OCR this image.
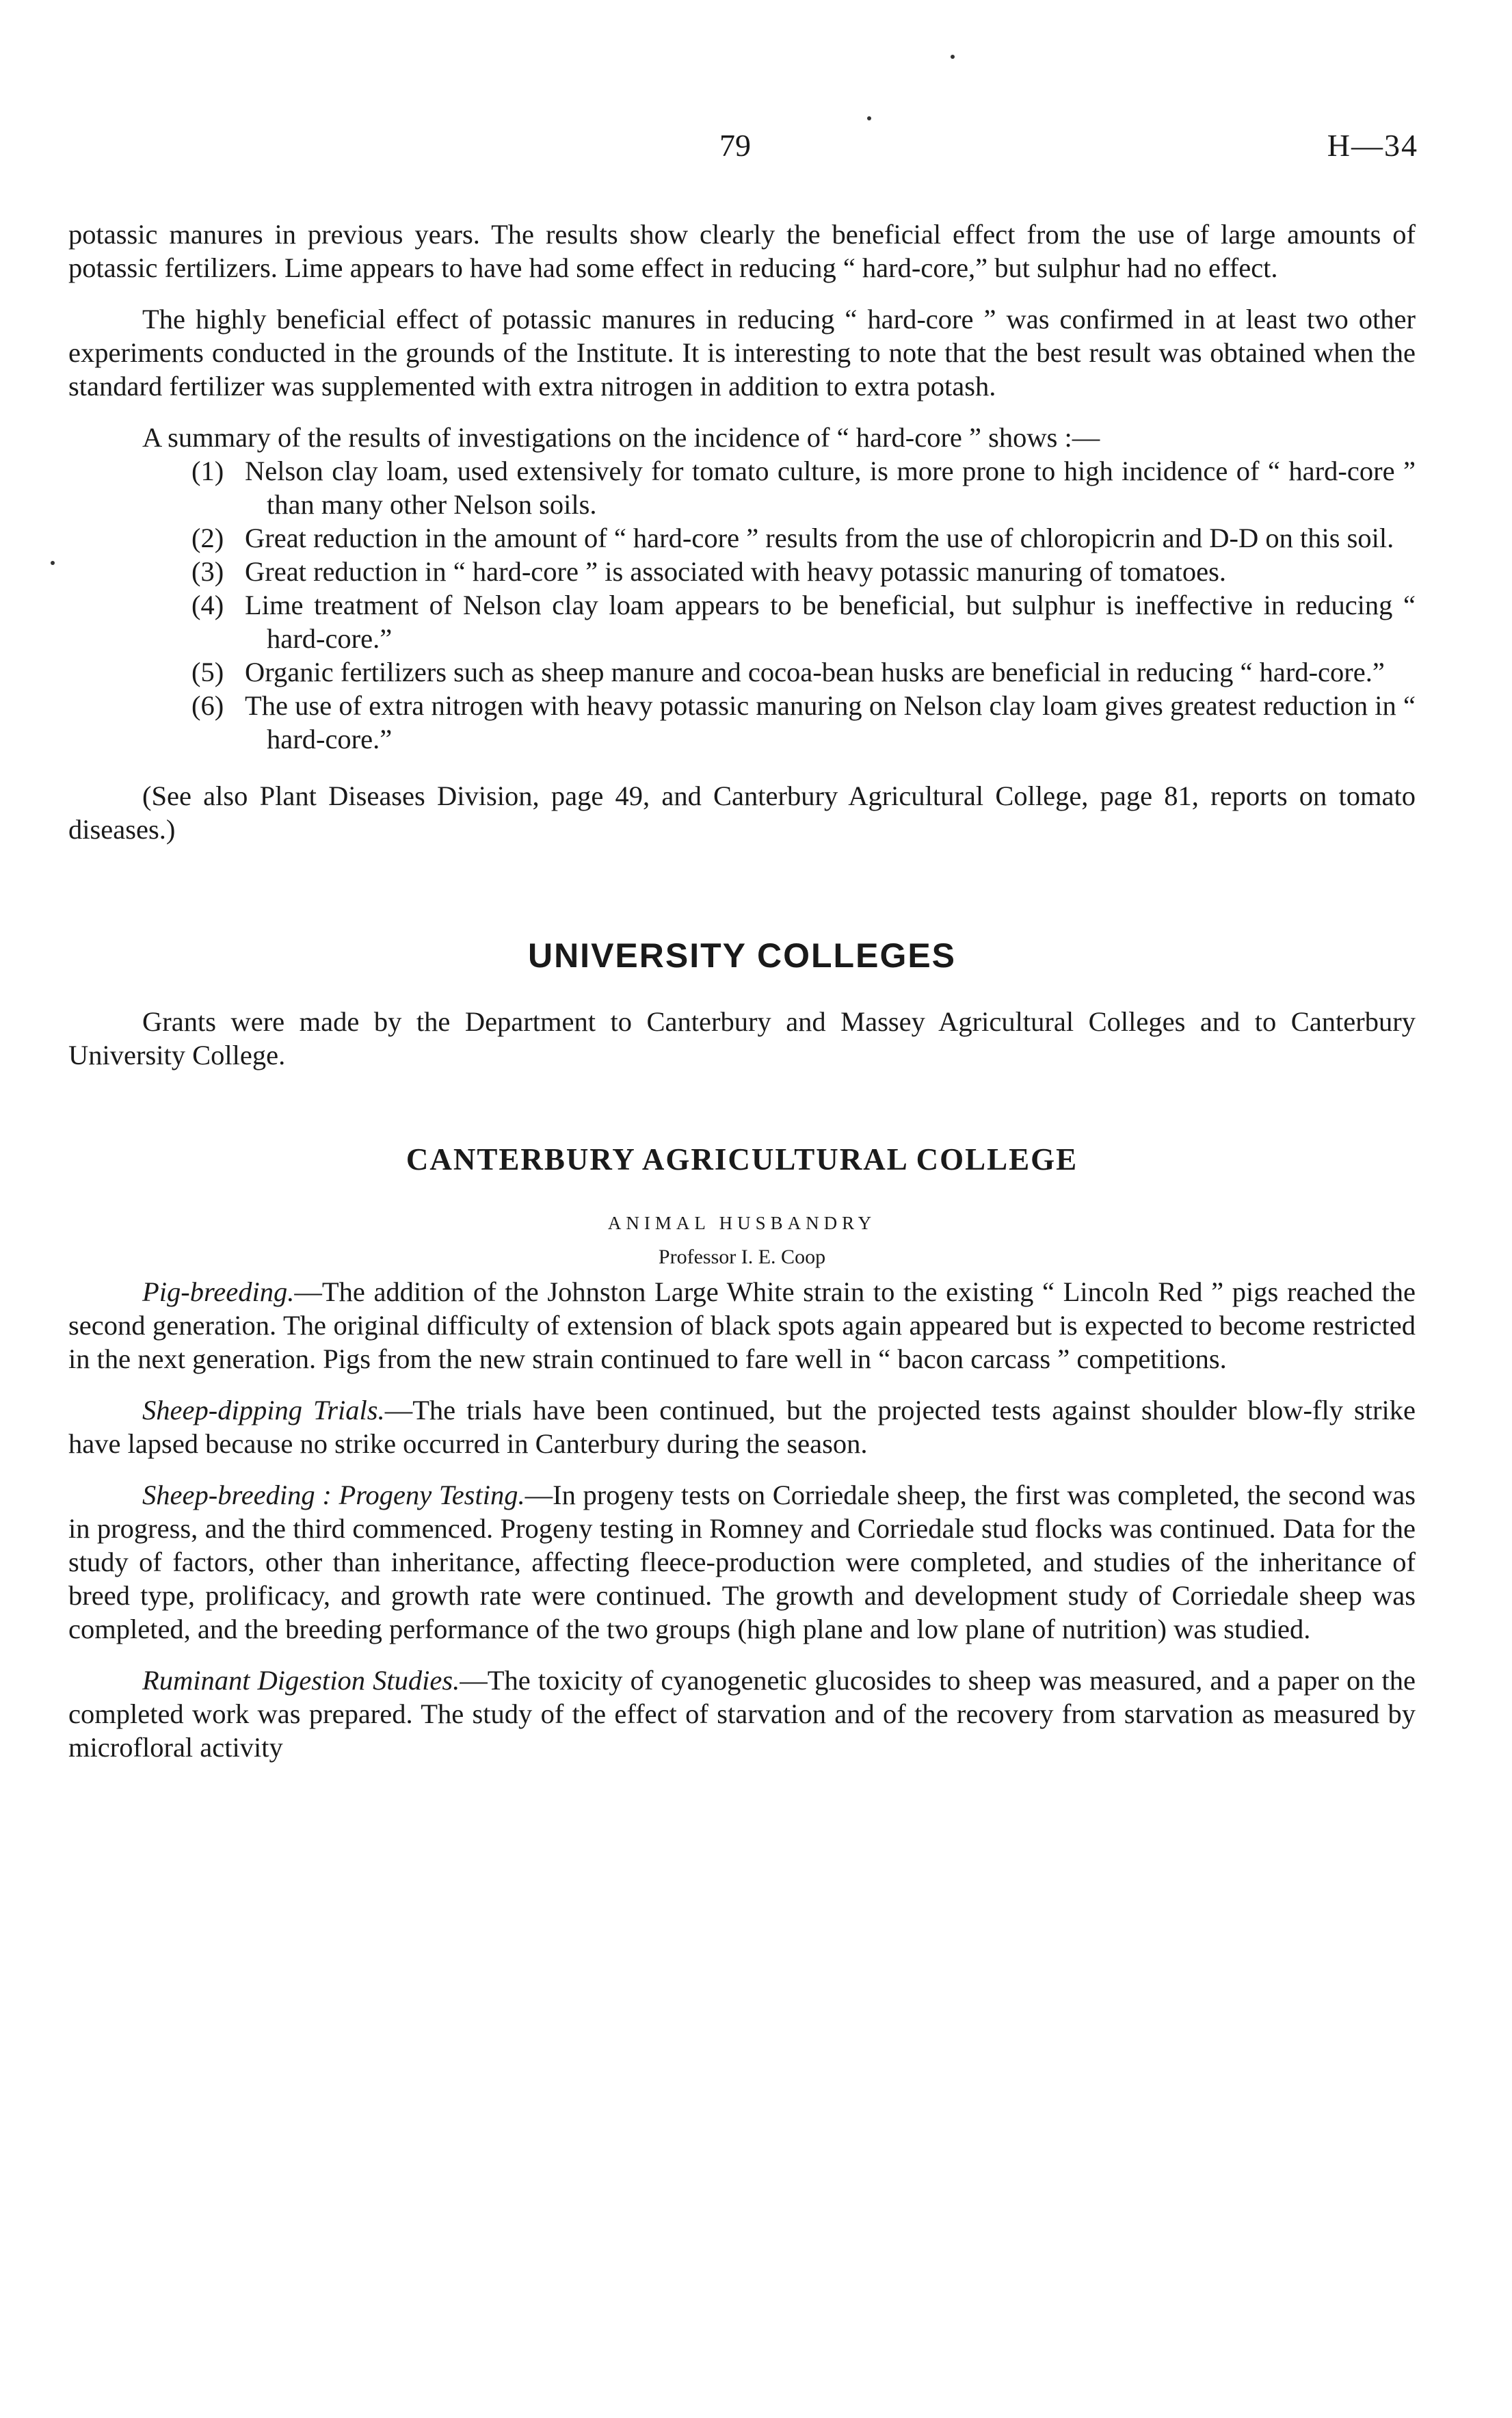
79	H—34

potassic manures in previous years. The results show clearly the beneficial effect from the use of large amounts of potassic fertilizers. Lime appears to have had some effect in reducing “ hard-core,” but sulphur had no effect.

The highly beneficial effect of potassic manures in reducing “ hard-core ” was confirmed in at least two other experiments conducted in the grounds of the Institute. It is interesting to note that the best result was obtained when the standard fertilizer was supplemented with extra nitrogen in addition to extra potash.

A summary of the results of investigations on the incidence of “ hard-core ” shows :—

(1) Nelson clay loam, used extensively for tomato culture, is more prone to high incidence of “ hard-core ” than many other Nelson soils.
(2) Great reduction in the amount of “ hard-core ” results from the use of chloropicrin and D-D on this soil.
(3) Great reduction in “ hard-core ” is associated with heavy potassic manuring of tomatoes.
(4) Lime treatment of Nelson clay loam appears to be beneficial, but sulphur is ineffective in reducing “ hard-core.”
(5) Organic fertilizers such as sheep manure and cocoa-bean husks are beneficial in reducing “ hard-core.”
(6) The use of extra nitrogen with heavy potassic manuring on Nelson clay loam gives greatest reduction in “ hard-core.”

(See also Plant Diseases Division, page 49, and Canterbury Agricultural College, page 81, reports on tomato diseases.)

UNIVERSITY COLLEGES

Grants were made by the Department to Canterbury and Massey Agricultural Colleges and to Canterbury University College.

CANTERBURY AGRICULTURAL COLLEGE
ANIMAL HUSBANDRY
Professor I. E. Coop

Pig-breeding.—The addition of the Johnston Large White strain to the existing “ Lincoln Red ” pigs reached the second generation. The original difficulty of extension of black spots again appeared but is expected to become restricted in the next generation. Pigs from the new strain continued to fare well in “ bacon carcass ” competitions.

Sheep-dipping Trials.—The trials have been continued, but the projected tests against shoulder blow-fly strike have lapsed because no strike occurred in Canterbury during the season.

Sheep-breeding : Progeny Testing.—In progeny tests on Corriedale sheep, the first was completed, the second was in progress, and the third commenced. Progeny testing in Romney and Corriedale stud flocks was continued. Data for the study of factors, other than inheritance, affecting fleece-production were completed, and studies of the inheritance of breed type, prolificacy, and growth rate were continued. The growth and development study of Corriedale sheep was completed, and the breeding performance of the two groups (high plane and low plane of nutrition) was studied.

Ruminant Digestion Studies.—The toxicity of cyanogenetic glucosides to sheep was measured, and a paper on the completed work was prepared. The study of the effect of starvation and of the recovery from starvation as measured by microfloral activity
